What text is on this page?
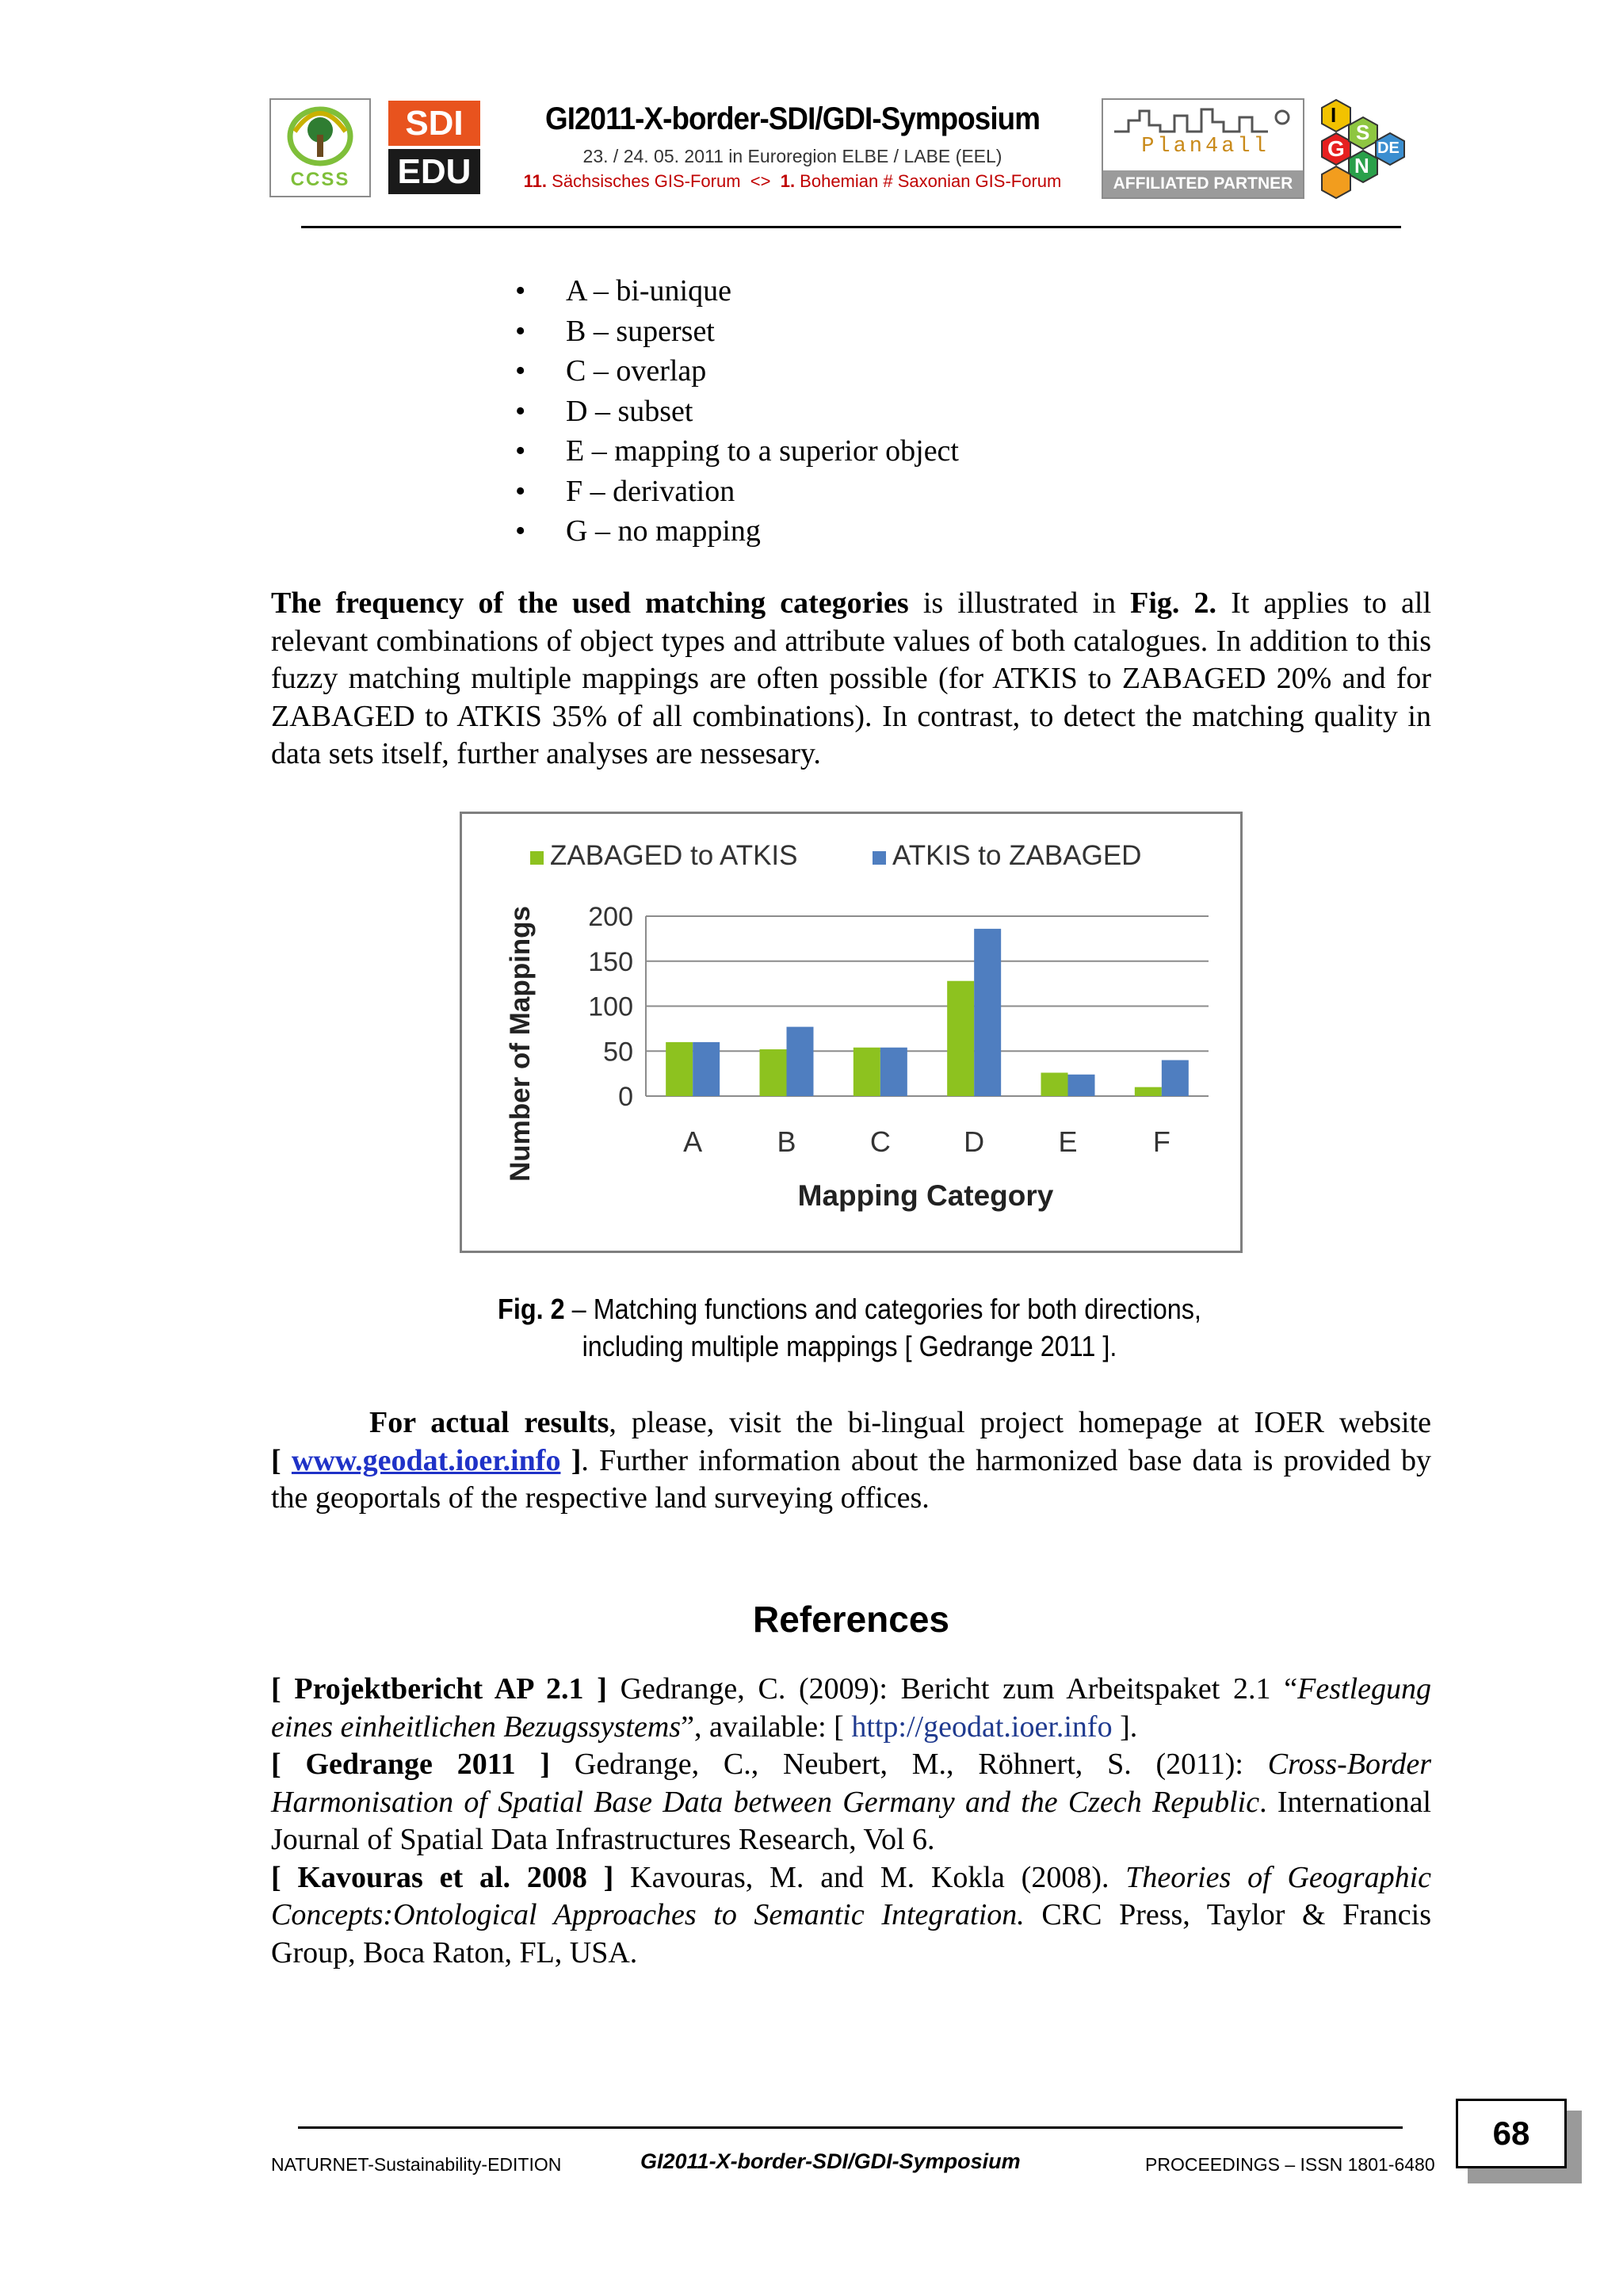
CCSS
SDI
EDU
GI2011-X-border-SDI/GDI-Symposium
23. / 24. 05. 2011 in Euroregion ELBE / LABE (EEL)
11. Sächsisches GIS-Forum  <>  1. Bohemian # Saxonian GIS-Forum
Plan4all
AFFILIATED PARTNER
I
G
S
N
DE
• A – bi-unique
• B – superset
• C – overlap
• D – subset
• E – mapping to a superior object
• F – derivation
• G – no mapping
The frequency of the used matching categories is illustrated in Fig. 2. It applies to all relevant combinations of object types and attribute values of both catalogues. In addition to this fuzzy matching multiple mappings are often possible (for ATKIS to ZABAGED 20% and for ZABAGED to ATKIS 35% of all combinations). In contrast, to detect the matching quality in data sets itself, further analyses are nessesary.
ZABAGED to ATKIS	ATKIS to ZABAGED
0
50
100
150
200
A	B	C	D	E	F
Number of Mappings
Mapping Category
Fig. 2 – Matching functions and categories for both directions,
including multiple mappings [ Gedrange 2011 ].
For actual results, please, visit the bi-lingual project homepage at IOER website [ www.geodat.ioer.info ]. Further information about the harmonized base data is provided by the geoportals of the respective land surveying offices.
References
[ Projektbericht AP 2.1 ] Gedrange, C. (2009): Bericht zum Arbeitspaket 2.1 “Festlegung eines einheitlichen Bezugssystems”, available: [ http://geodat.ioer.info ].
[ Gedrange 2011 ] Gedrange, C., Neubert, M., Röhnert, S. (2011): Cross-Border Harmonisation of Spatial Base Data between Germany and the Czech Republic. International Journal of Spatial Data Infrastructures Research, Vol 6.
[ Kavouras et al. 2008 ] Kavouras, M. and M. Kokla (2008). Theories of Geographic Concepts:Ontological Approaches to Semantic Integration. CRC Press, Taylor & Francis Group, Boca Raton, FL, USA.
NATURNET-Sustainability-EDITION	GI2011-X-border-SDI/GDI-Symposium	PROCEEDINGS – ISSN 1801-6480
68
